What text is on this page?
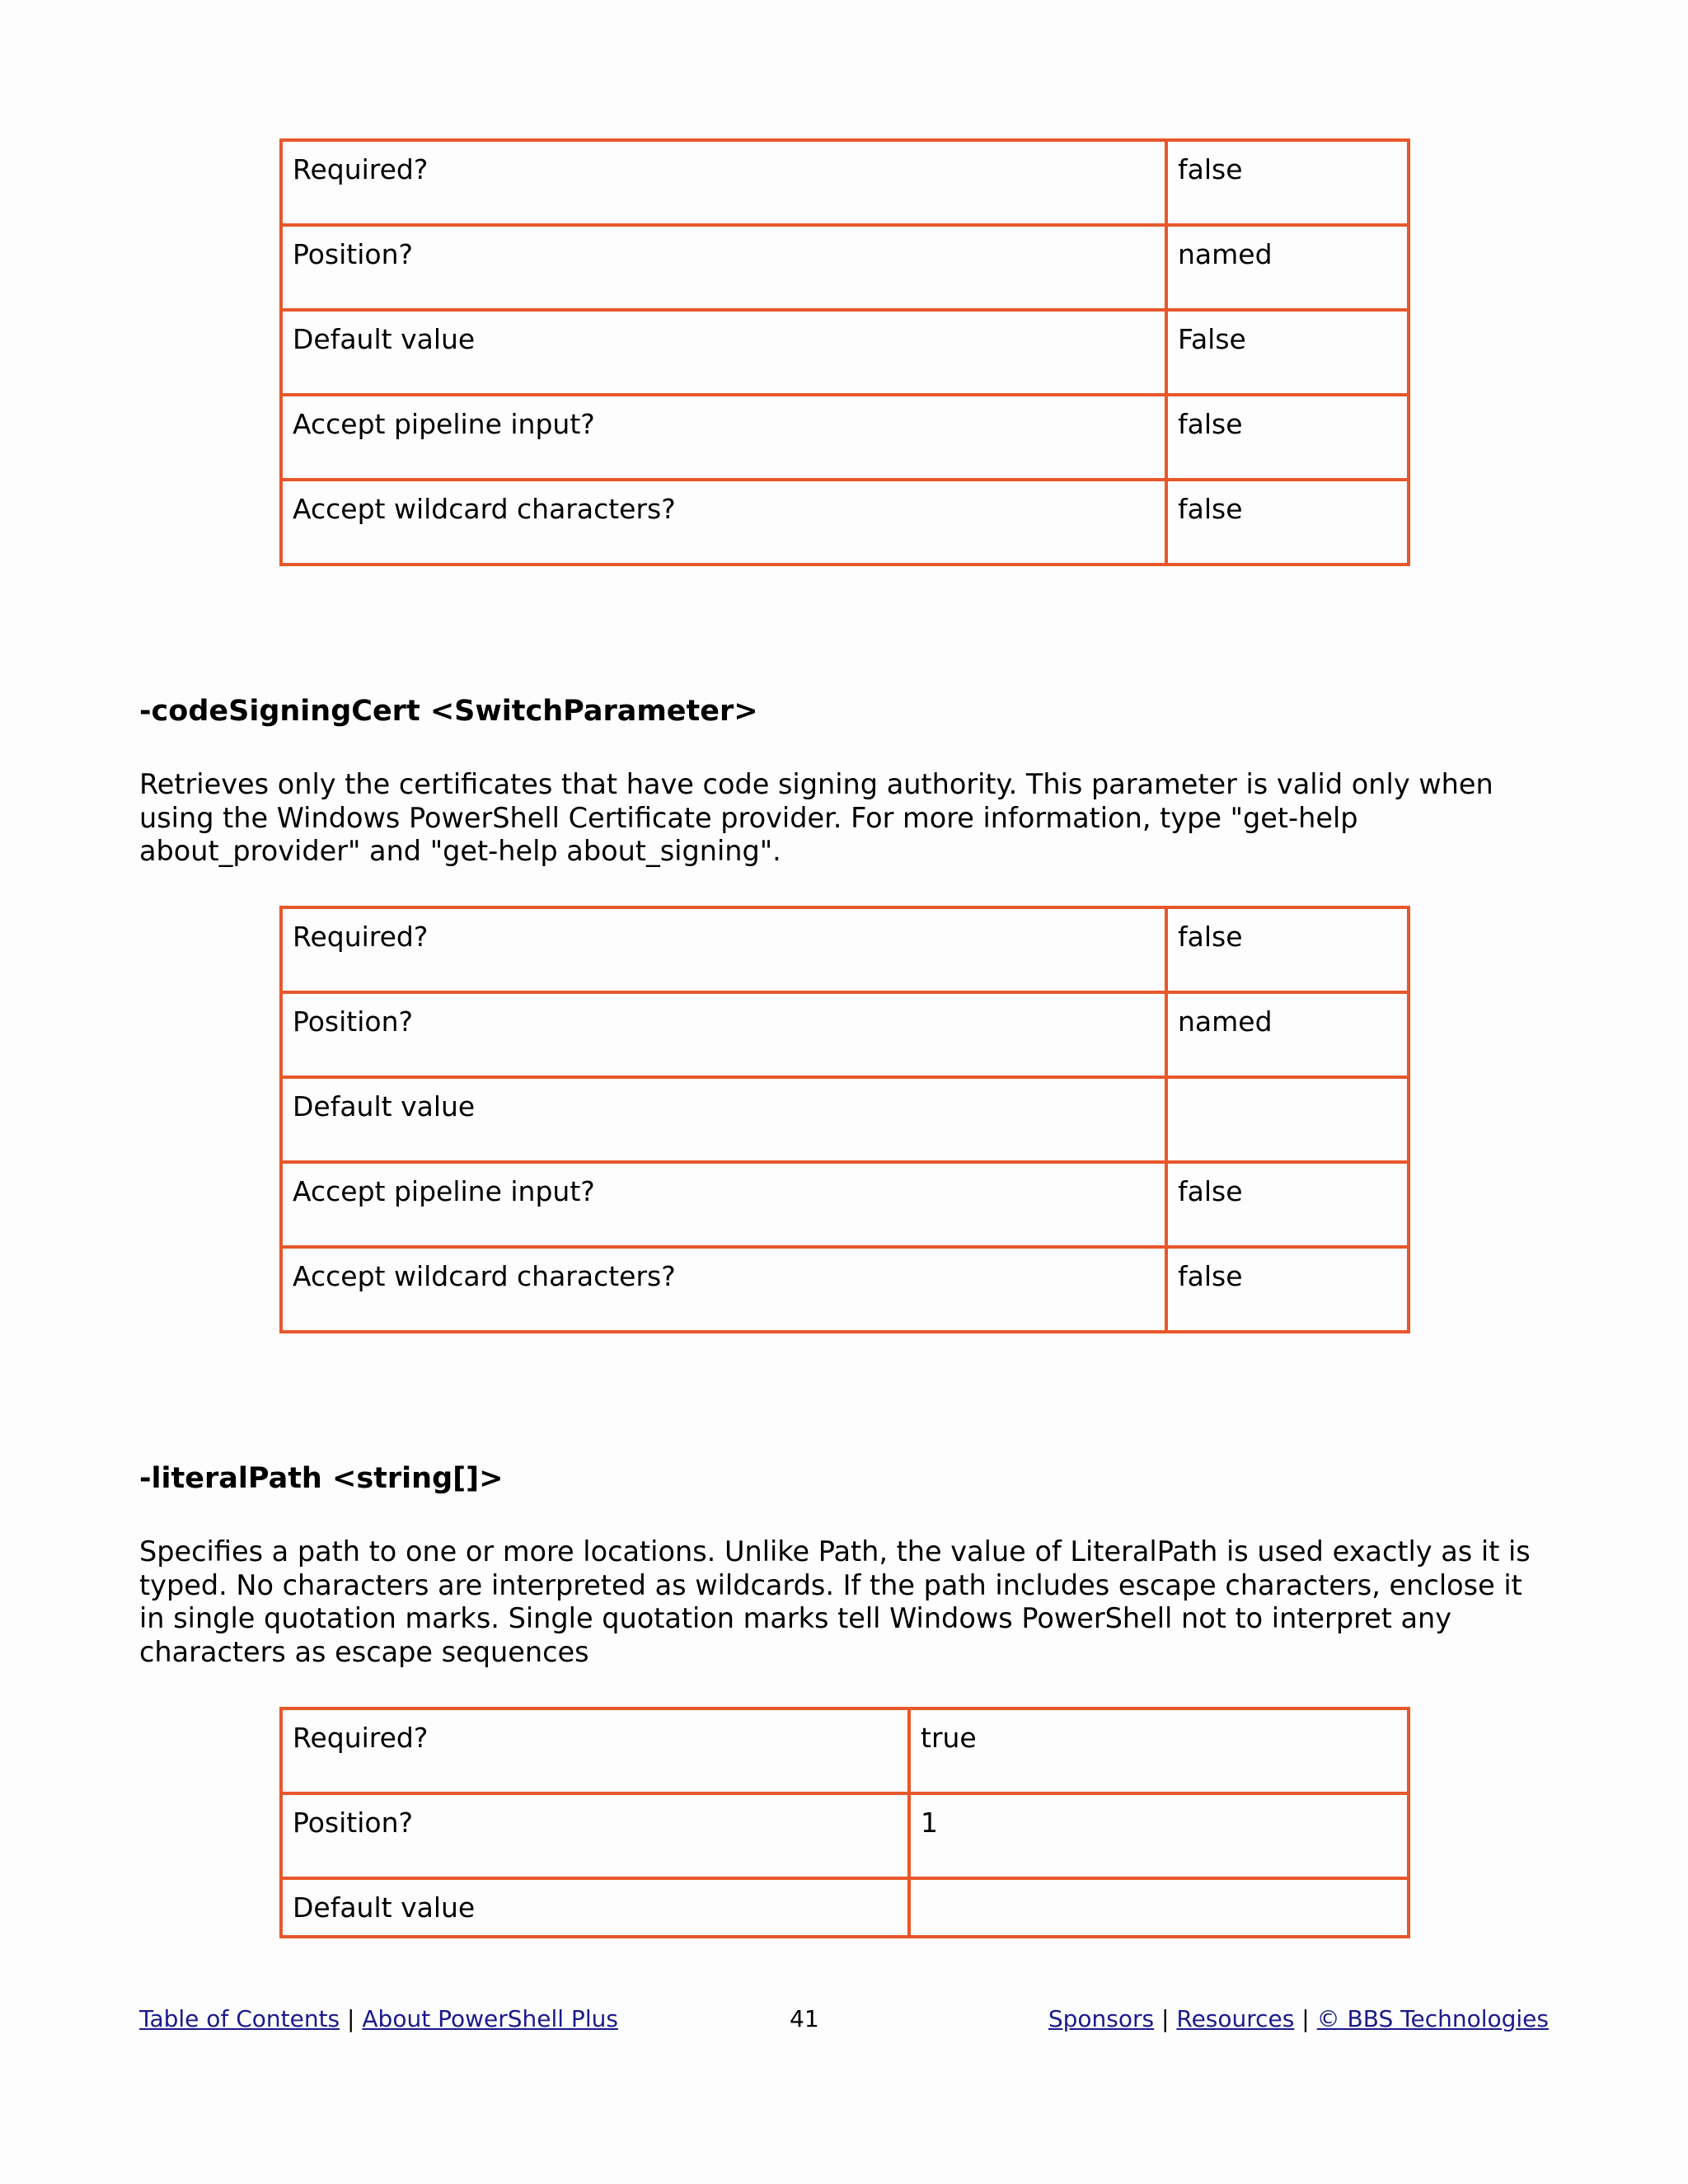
Required?	false
Position?	named
Default value	False
Accept pipeline input?	false
Accept wildcard characters?	false
-codeSigningCert <SwitchParameter>

Retrieves only the certificates that have code signing authority. This parameter is valid only when
using the Windows PowerShell Certificate provider. For more information, type "get-help
about_provider" and "get-help about_signing".

Required?	false
Position?	named
Default value	
Accept pipeline input?	false
Accept wildcard characters?	false
-literalPath <string[]>

Specifies a path to one or more locations. Unlike Path, the value of LiteralPath is used exactly as it is
typed. No characters are interpreted as wildcards. If the path includes escape characters, enclose it
in single quotation marks. Single quotation marks tell Windows PowerShell not to interpret any
characters as escape sequences

Required?	true
Position?	1
Default value	
Table of Contents | About PowerShell Plus	41	Sponsors | Resources | © BBS Technologies
